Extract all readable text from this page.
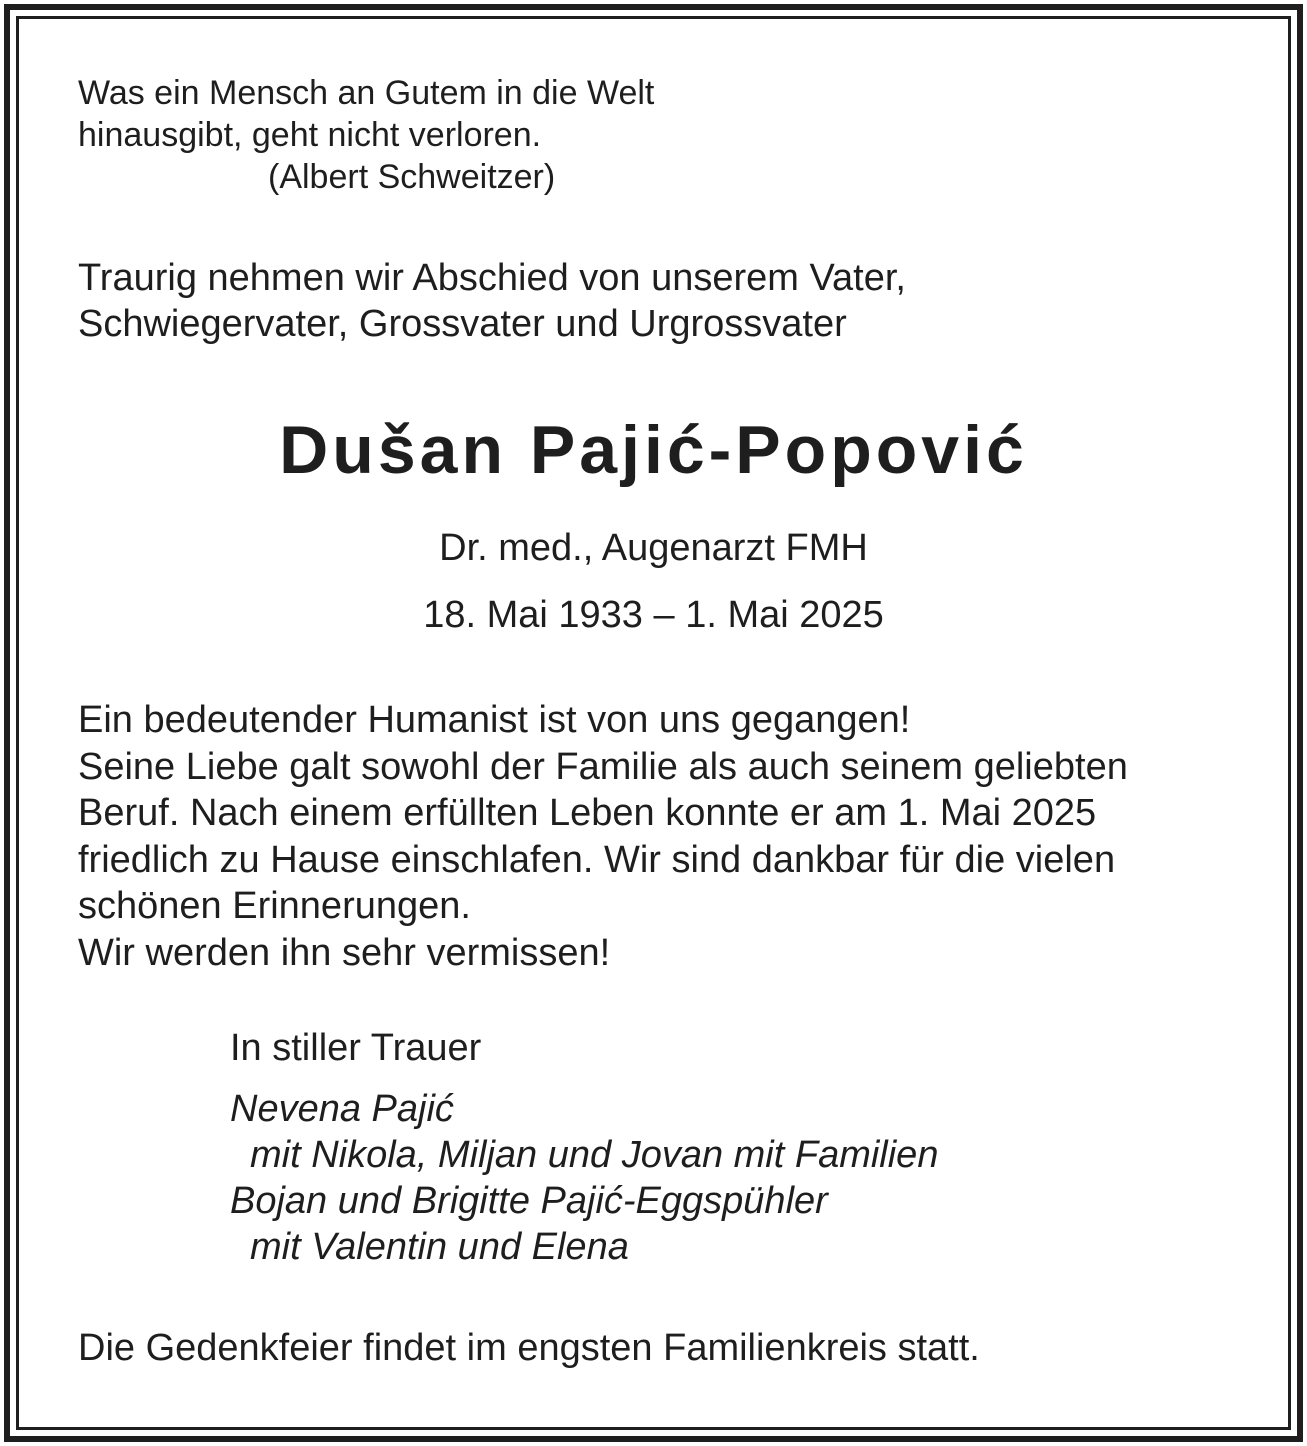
Was ein Mensch an Gutem in die Welt
hinausgibt, geht nicht verloren.
(Albert Schweitzer)

Traurig nehmen wir Abschied von unserem Vater,
Schwiegervater, Grossvater und Urgrossvater

Dušan Pajić-Popović

Dr. med., Augenarzt FMH

18. Mai 1933 – 1. Mai 2025

Ein bedeutender Humanist ist von uns gegangen!
Seine Liebe galt sowohl der Familie als auch seinem geliebten
Beruf. Nach einem erfüllten Leben konnte er am 1. Mai 2025
friedlich zu Hause einschlafen. Wir sind dankbar für die vielen
schönen Erinnerungen.
Wir werden ihn sehr vermissen!

In stiller Trauer

Nevena Pajić
mit Nikola, Miljan und Jovan mit Familien
Bojan und Brigitte Pajić-Eggspühler
mit Valentin und Elena

Die Gedenkfeier findet im engsten Familienkreis statt.
